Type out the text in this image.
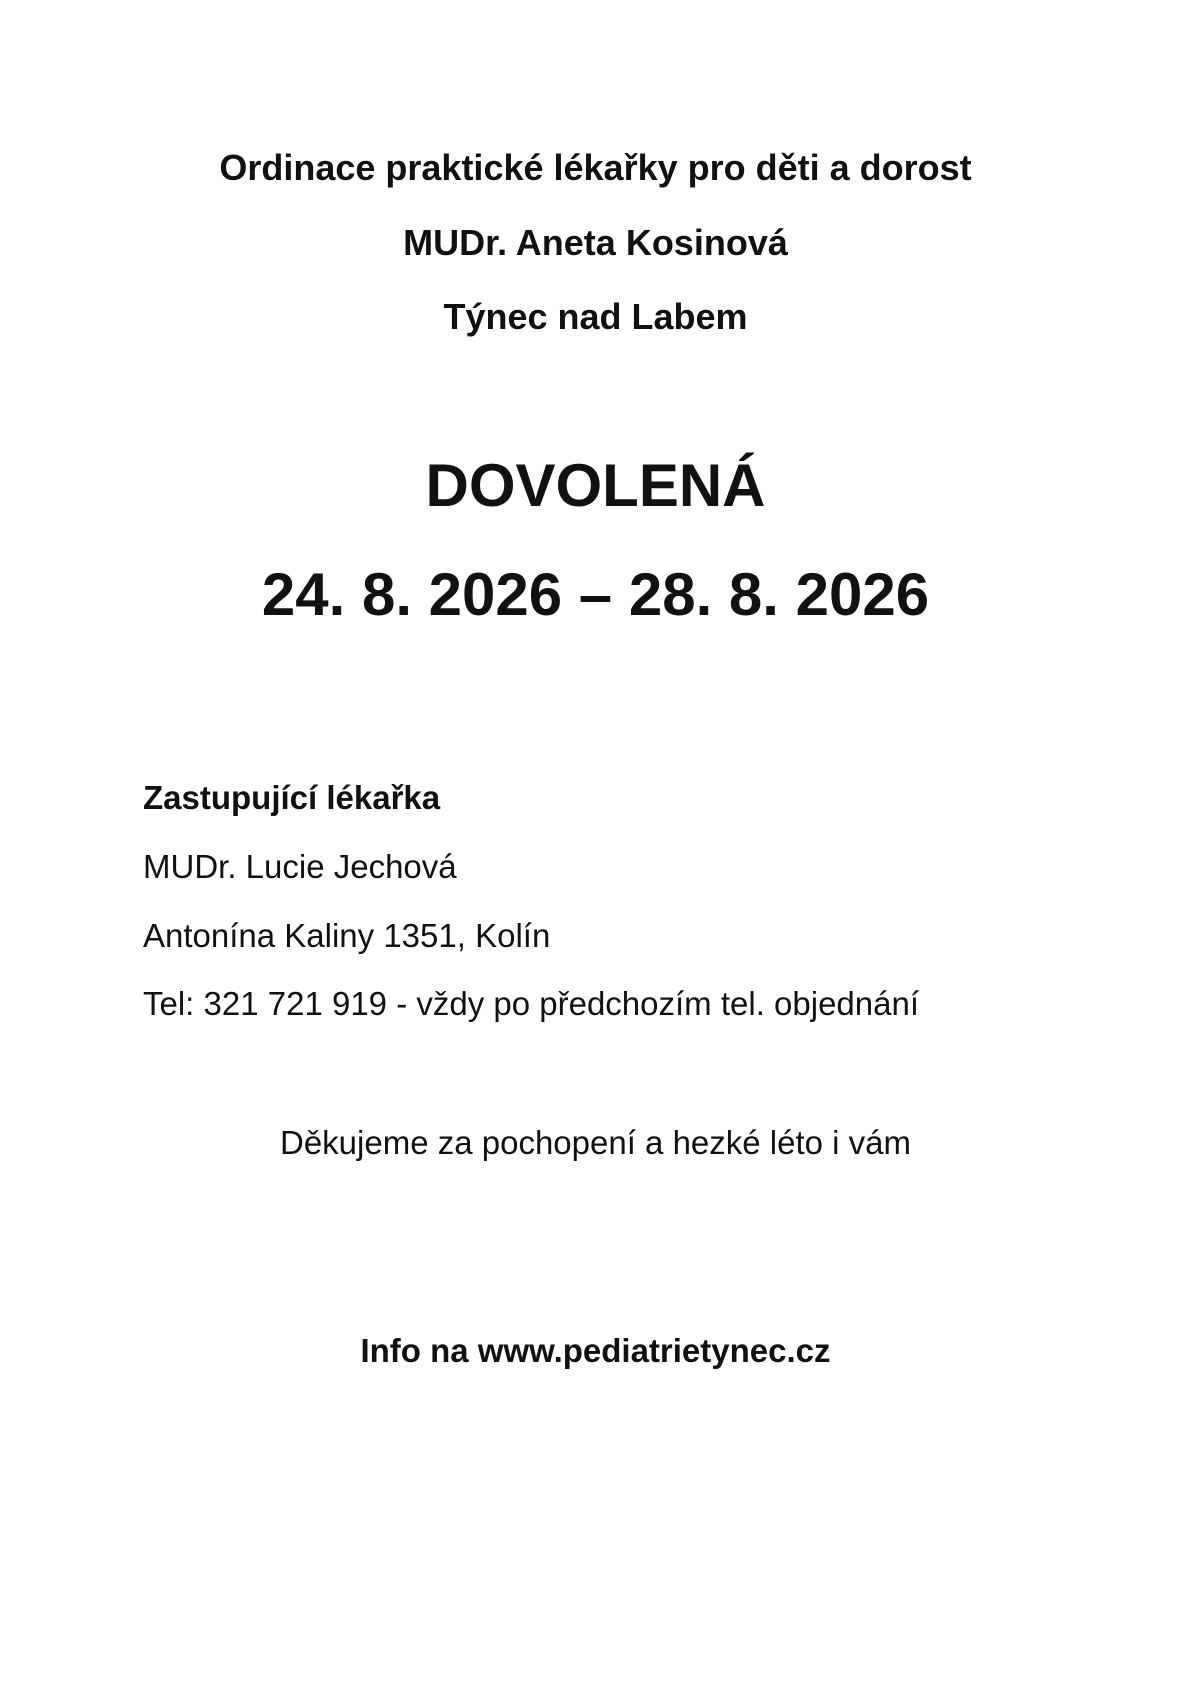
Ordinace praktické lékařky pro děti a dorost
MUDr. Aneta Kosinová
Týnec nad Labem
DOVOLENÁ
24. 8. 2026 – 28. 8. 2026
Zastupující lékařka
MUDr. Lucie Jechová
Antonína Kaliny 1351, Kolín
Tel: 321 721 919 - vždy po předchozím tel. objednání
Děkujeme za pochopení a hezké léto i vám
Info na www.pediatrietynec.cz
